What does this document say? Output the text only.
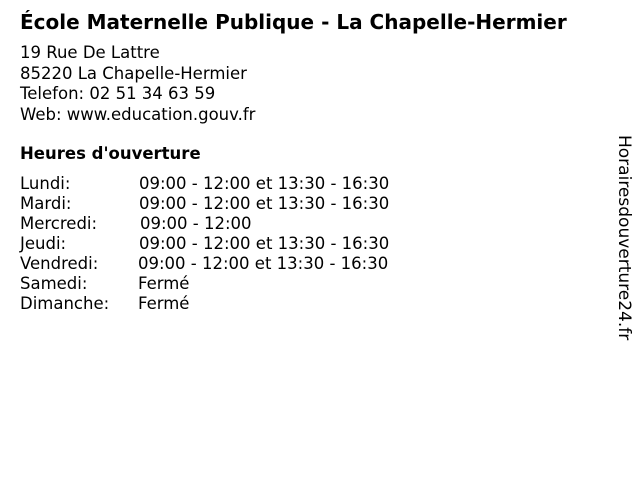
École Maternelle Publique - La Chapelle-Hermier
19 Rue De Lattre
85220 La Chapelle-Hermier
Telefon: 02 51 34 63 59
Web: www.education.gouv.fr
Heures d'ouverture
Lundi:	09:00 - 12:00 et 13:30 - 16:30
Mardi:	09:00 - 12:00 et 13:30 - 16:30
Mercredi:	09:00 - 12:00
Jeudi:	09:00 - 12:00 et 13:30 - 16:30
Vendredi: 09:00 - 12:00 et 13:30 - 16:30
Samedi:	Fermé
Dimanche: Fermé	Horairesdouverture24.fr
